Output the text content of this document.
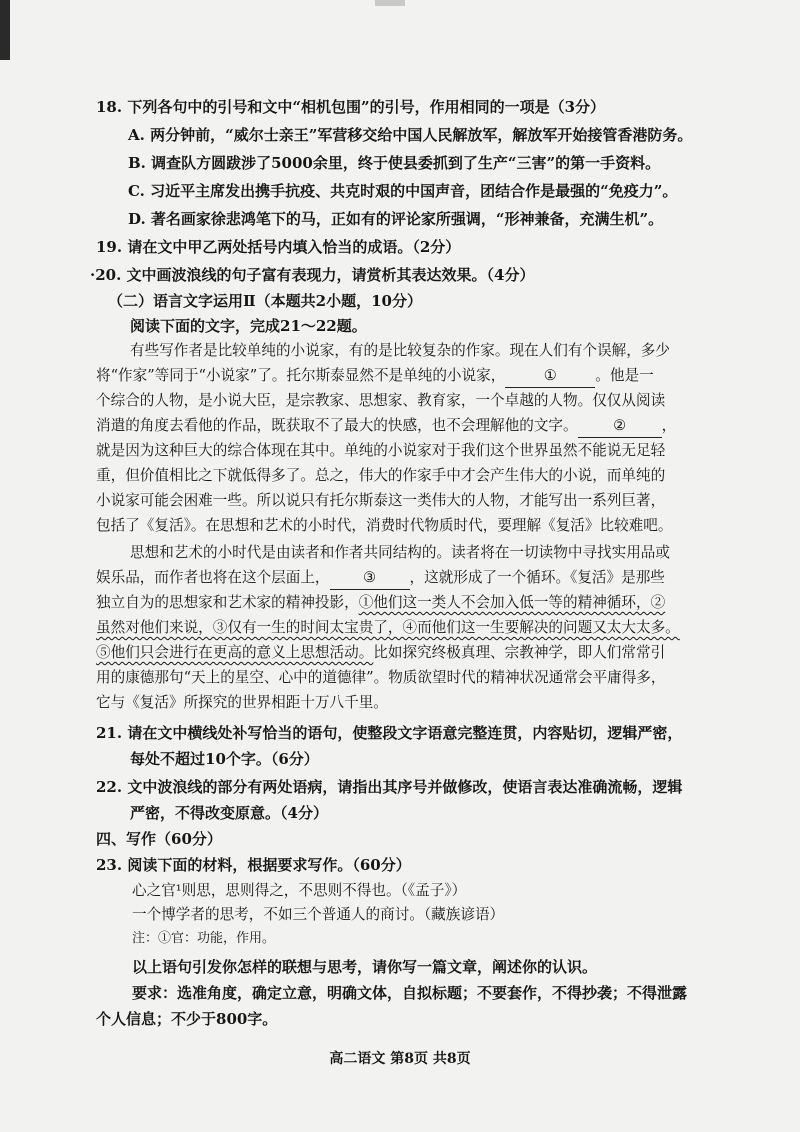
18. 下列各句中的引号和文中“相机包围”的引号，作用相同的一项是（3分）
A. 两分钟前，“威尔士亲王”军营移交给中国人民解放军，解放军开始接管香港防务。
B. 调查队方圆跋涉了5000余里，终于使县委抓到了生产“三害”的第一手资料。
C. 习近平主席发出携手抗疫、共克时艰的中国声音，团结合作是最强的“免疫力”。
D. 著名画家徐悲鸿笔下的马，正如有的评论家所强调，“形神兼备，充满生机”。
19. 请在文中甲乙两处括号内填入恰当的成语。（2分）
·20. 文中画波浪线的句子富有表现力，请赏析其表达效果。（4分）
（二）语言文字运用Ⅱ（本题共2小题，10分）
阅读下面的文字，完成21～22题。
有些写作者是比较单纯的小说家，有的是比较复杂的作家。现在人们有个误解，多少
将“作家”等同于“小说家”了。托尔斯泰显然不是单纯的小说家，	①	。他是一
个综合的人物，是小说大臣，是宗教家、思想家、教育家，一个卓越的人物。仅仅从阅读
消遣的角度去看他的作品，既获取不了最大的快感，也不会理解他的文字。 ② ，
就是因为这种巨大的综合体现在其中。单纯的小说家对于我们这个世界虽然不能说无足轻
重，但价值相比之下就低得多了。总之，伟大的作家手中才会产生伟大的小说，而单纯的
小说家可能会困难一些。所以说只有托尔斯泰这一类伟大的人物，才能写出一系列巨著，
包括了《复活》。在思想和艺术的小时代，消费时代物质时代，要理解《复活》比较难吧。
思想和艺术的小时代是由读者和作者共同结构的。读者将在一切读物中寻找实用品或
娱乐品，而作者也将在这个层面上， ③ ，这就形成了一个循环。《复活》是那些
独立自为的思想家和艺术家的精神投影，①他们这一类人不会加入低一等的精神循环，②
虽然对他们来说，③仅有一生的时间太宝贵了，④而他们这一生要解决的问题又太大太多。
⑤他们只会进行在更高的意义上思想活动。比如探究终极真理、宗教神学，即人们常常引
用的康德那句“天上的星空、心中的道德律”。物质欲望时代的精神状况通常会平庸得多，
它与《复活》所探究的世界相距十万八千里。
21. 请在文中横线处补写恰当的语句，使整段文字语意完整连贯，内容贴切，逻辑严密，
每处不超过10个字。（6分）
22. 文中波浪线的部分有两处语病，请指出其序号并做修改，使语言表达准确流畅，逻辑
严密，不得改变原意。（4分）
四、写作（60分）
23. 阅读下面的材料，根据要求写作。（60分）
心之官¹则思，思则得之，不思则不得也。（《孟子》）
一个博学者的思考，不如三个普通人的商讨。（藏族谚语）
注：①官：功能，作用。
以上语句引发你怎样的联想与思考，请你写一篇文章，阐述你的认识。
要求：选准角度，确定立意，明确文体，自拟标题；不要套作，不得抄袭；不得泄露
个人信息；不少于800字。
高二语文 第8页 共8页
